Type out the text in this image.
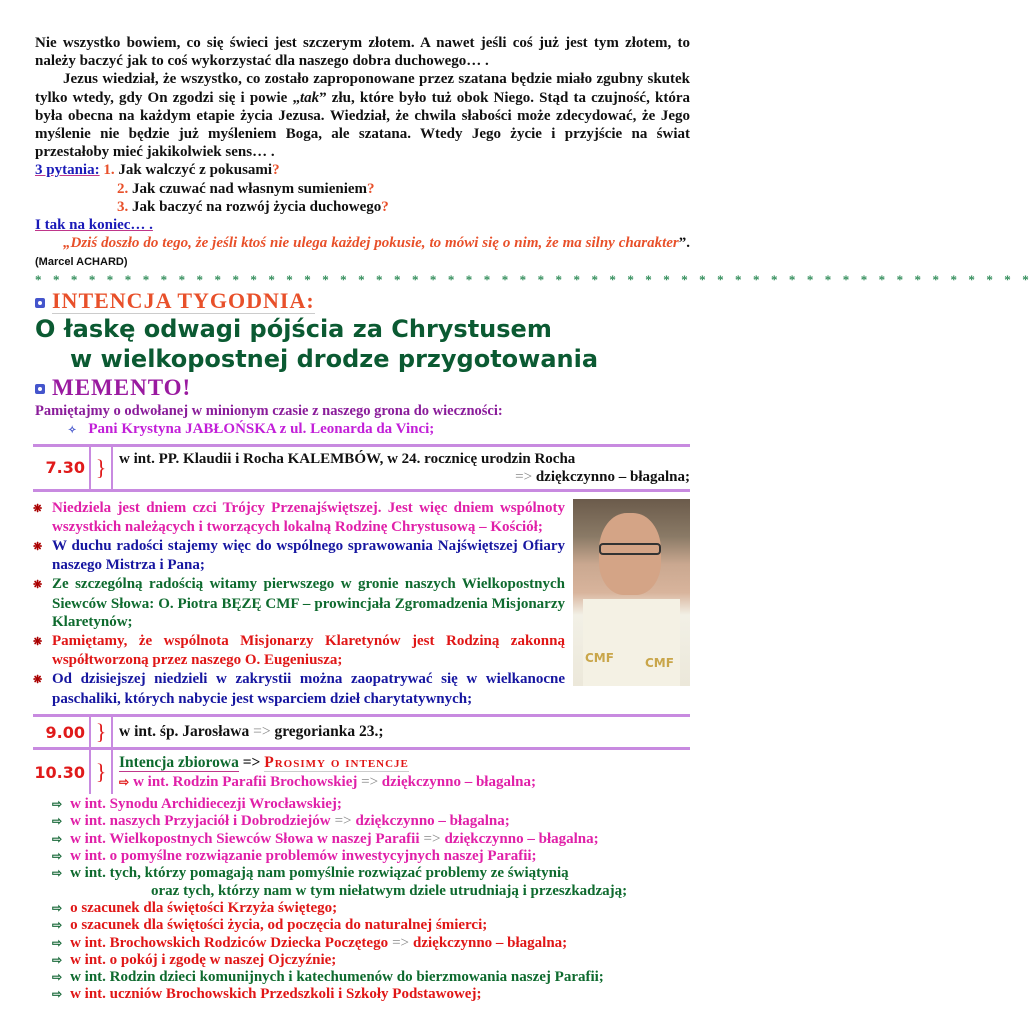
Nie wszystko bowiem, co się świeci jest szczerym złotem. A nawet jeśli coś już jest tym złotem, to należy baczyć jak to coś wykorzystać dla naszego dobra duchowego… .

Jezus wiedział, że wszystko, co zostało zaproponowane przez szatana będzie miało zgubny skutek tylko wtedy, gdy On zgodzi się i powie „tak” złu, które było tuż obok Niego. Stąd ta czujność, która była obecna na każdym etapie życia Jezusa. Wiedział, że chwila słabości może zdecydować, że Jego myślenie nie będzie już myśleniem Boga, ale szatana. Wtedy Jego życie i przyjście na świat przestałoby mieć jakikolwiek sens… .

3 pytania: 1. Jak walczyć z pokusami?
2. Jak czuwać nad własnym sumieniem?
3. Jak baczyć na rozwój życia duchowego?
I tak na koniec… .
„Dziś doszło do tego, że jeśli ktoś nie ulega każdej pokusie, to mówi się o nim, że ma silny charakter”. (Marcel ACHARD)
* * * * * * * * * * * * * * * * * * * * * * * * * * * * * * * * * * * * * * * * * * * * * * * * * * * * * * * *
INTENCJA TYGODNIA:
O łaskę odwagi pójścia za Chrystusem
w wielkopostnej drodze przygotowania
MEMENTO!
Pamiętajmy o odwołanej w minionym czasie z naszego grona do wieczności:
✧ Pani Krystyna JABŁOŃSKA z ul. Leonarda da Vinci;
7.30 } w int. PP. Klaudii i Rocha KALEMBÓW, w 24. rocznicę urodzin Rocha
=> dziękczynno – błagalna;
CMF	CMF
❋ Niedziela jest dniem czci Trójcy Przenajświętszej. Jest więc dniem wspólnoty wszystkich należących i tworzących lokalną Rodzinę Chrystusową – Kościół;
❋ W duchu radości stajemy więc do wspólnego sprawowania Najświętszej Ofiary naszego Mistrza i Pana;
❋ Ze szczególną radością witamy pierwszego w gronie naszych Wielkopostnych Siewców Słowa: O. Piotra BĘZĘ CMF – prowincjała Zgromadzenia Misjonarzy Klaretynów;
❋ Pamiętamy, że wspólnota Misjonarzy Klaretynów jest Rodziną zakonną współtworzoną przez naszego O. Eugeniusza;
❋ Od dzisiejszej niedzieli w zakrystii można zaopatrywać się w wielkanocne paschaliki, których nabycie jest wsparciem dzieł charytatywnych;
9.00 } w int. śp. Jarosława => gregorianka 23.;
10.30 } Intencja zbiorowa => Prosimy o intencje
⇨ w int. Rodzin Parafii Brochowskiej => dziękczynno – błagalna;
⇨ w int. Synodu Archidiecezji Wrocławskiej;
⇨ w int. naszych Przyjaciół i Dobrodziejów => dziękczynno – błagalna;
⇨ w int. Wielkopostnych Siewców Słowa w naszej Parafii => dziękczynno – błagalna;
⇨ w int. o pomyślne rozwiązanie problemów inwestycyjnych naszej Parafii;
⇨ w int. tych, którzy pomagają nam pomyślnie rozwiązać problemy ze świątynią
oraz tych, którzy nam w tym niełatwym dziele utrudniają i przeszkadzają;
⇨ o szacunek dla świętości Krzyża świętego;
⇨ o szacunek dla świętości życia, od poczęcia do naturalnej śmierci;
⇨ w int. Brochowskich Rodziców Dziecka Poczętego => dziękczynno – błagalna;
⇨ w int. o pokój i zgodę w naszej Ojczyźnie;
⇨ w int. Rodzin dzieci komunijnych i katechumenów do bierzmowania naszej Parafii;
⇨ w int. uczniów Brochowskich Przedszkoli i Szkoły Podstawowej;
